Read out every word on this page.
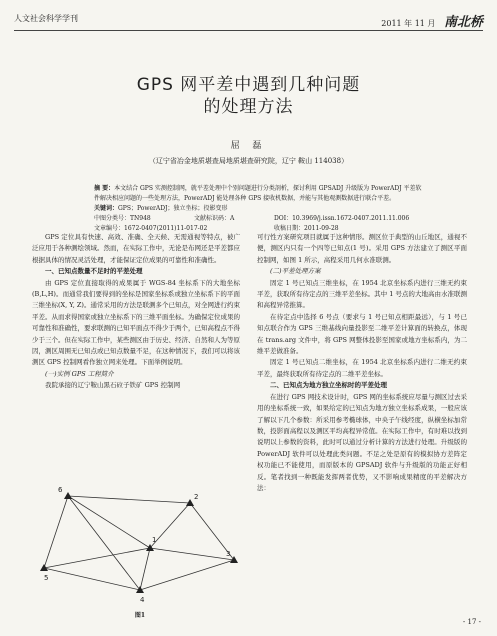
人文社会科学学刊
2011 年 11 月 南北桥
GPS 网平差中遇到几种问题
的处理方法
屈 磊
（辽宁省冶金地质堪查局地质堪查研究院，辽宁 鞍山 114038）

摘 要：本文结合 GPS 实测控制网，就平差处理中个别问题进行分类剖析，探讨利用 GPSADJ 升级版为 PowerADJ 平差软件解决相应问题的一些处理方法，PowerADJ 能处理各种 GPS 接收机数据，并能与其他观测数据进行联合平差。

关键词：GPS；PowerADJ；独立坐标；投影变形

中图分类号：TN948	文献标识码：A	DOI：10.3969/j.issn.1672-0407.2011.11.006
文章编号：1672-0407(2011)11-017-02	收稿日期：2011-09-28

GPS 定位具有快速、高效、准确、全天候、无需通视等特点，被广泛应用于各种测绘领域。然而，在实际工作中，无论是布网还是平差都应根据具体的情况灵活处理，才能保证定位成果的可靠性和准确性。

一、已知点数量不足时的平差处理

由 GPS 定位直接取得的成果属于 WGS-84 坐标系下的大地坐标(B,L,H)。而通常我们要得到的坐标是国家坐标系或独立坐标系下的平面三维坐标(X, Y, Z)。通常采用的方法是联测多个已知点，对全网进行约束平差。从而求得国家或独立坐标系下的三维平面坐标。为确保定位成果的可靠性和准确性，要求联测的已知平面点不得少于两个，已知高程点不得少于三个。但在实际工作中，某些测区由于历史、经济、自然和人为等原因，测区周围无已知点或已知点数量不足，在这种情况下，我们可以将该测区 GPS 控制网看作独立网来处理。下面举例说明。

(一)实例 GPS 工程简介

我院承接的辽宁鞍山黑石砬子铁矿 GPS 控制网

1
2
3
4
5
6
图1

可行性方案研究项目就属于这种情形。测区位于典型的山丘地区，通视不便，测区内只有一个四等已知点(1 号)。采用 GPS 方法建立了测区平面控制网，如图 1 所示，高程采用几何水准联测。

(二)平差处理方案

固定 1 号已知点三维坐标，在 1954 北京坐标系内进行三维无约束平差，获取所有待定点的三维平差坐标。其中 1 号点的大地高由水准联测和高程异常推算。

在待定点中选择 6 号点（要求与 1 号已知点相距最远），与 1 号已知点联合作为 GPS 三维基线向量投影至二维平差计算面的转换点，体现在 trans.arg 文件中，将 GPS 网整体投影至国家或地方坐标系内，为二维平差做准备。

固定 1 号已知点二维坐标，在 1954 北京坐标系内进行二维无约束平差，最终获取所有待定点的二维平差坐标。

二、已知点为地方独立坐标时的平差处理

在进行 GPS 网技术设计时，GPS 网的坐标系统应尽量与测区过去采用的坐标系统一致，如果给定的已知点为地方独立坐标系成果，一般应该了解以下几个参数：所采用参考椭球体，中央子午线经度，纵横坐标加常数，投影面高程以及测区平均高程异常值。在实际工作中，有时难以找到说明以上参数的资料，此时可以通过分析计算的方法进行处理。升级版的 PowerADJ 软件可以处理此类问题。不足之处是原有的模拟协方差阵定权功能已不能使用，而原版本的 GPSADJ 软件与升级版的功能正好相反。笔者找到一种既能发挥两者优势，又不影响成果精度的平差解决方法：

- 17 -
